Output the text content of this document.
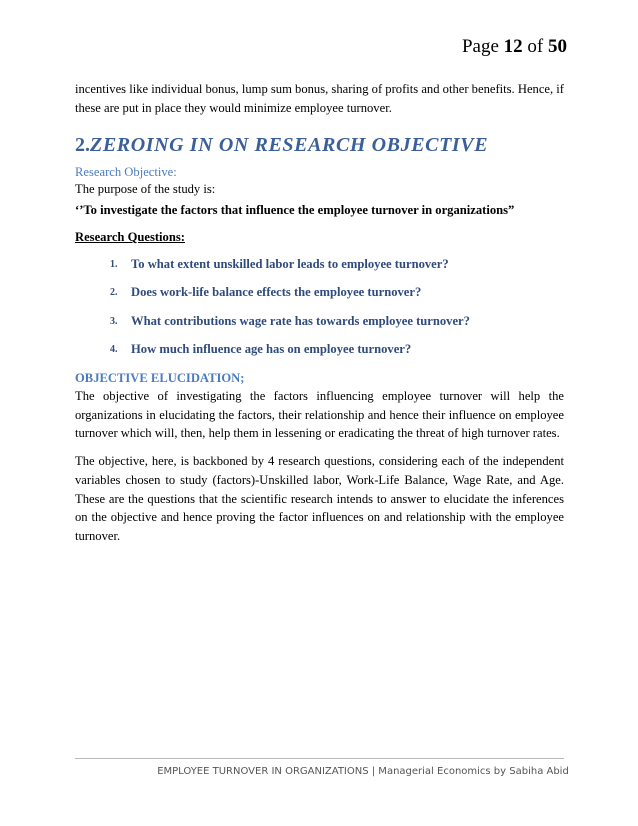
Page 12 of 50

incentives like individual bonus, lump sum bonus, sharing of profits and other benefits. Hence, if these are put in place they would minimize employee turnover.

2.ZEROING IN ON RESEARCH OBJECTIVE
Research Objective:

The purpose of the study is:

‘’To investigate the factors that influence the employee turnover in organizations”
Research Questions:
1.	To what extent unskilled labor leads to employee turnover?
2.	Does work-life balance effects the employee turnover?
3.	What contributions wage rate has towards employee turnover?
4.	How much influence age has on employee turnover?
OBJECTIVE ELUCIDATION;

The objective of investigating the factors influencing employee turnover will help the organizations in elucidating the factors, their relationship and hence their influence on employee turnover which will, then, help them in lessening or eradicating the threat of high turnover rates.

The objective, here, is backboned by 4 research questions, considering each of the independent variables chosen to study (factors)-Unskilled labor, Work-Life Balance, Wage Rate, and Age. These are the questions that the scientific research intends to answer to elucidate the inferences on the objective and hence proving the factor influences on and relationship with the employee turnover.

EMPLOYEE TURNOVER IN ORGANIZATIONS | Managerial Economics by Sabiha Abid
